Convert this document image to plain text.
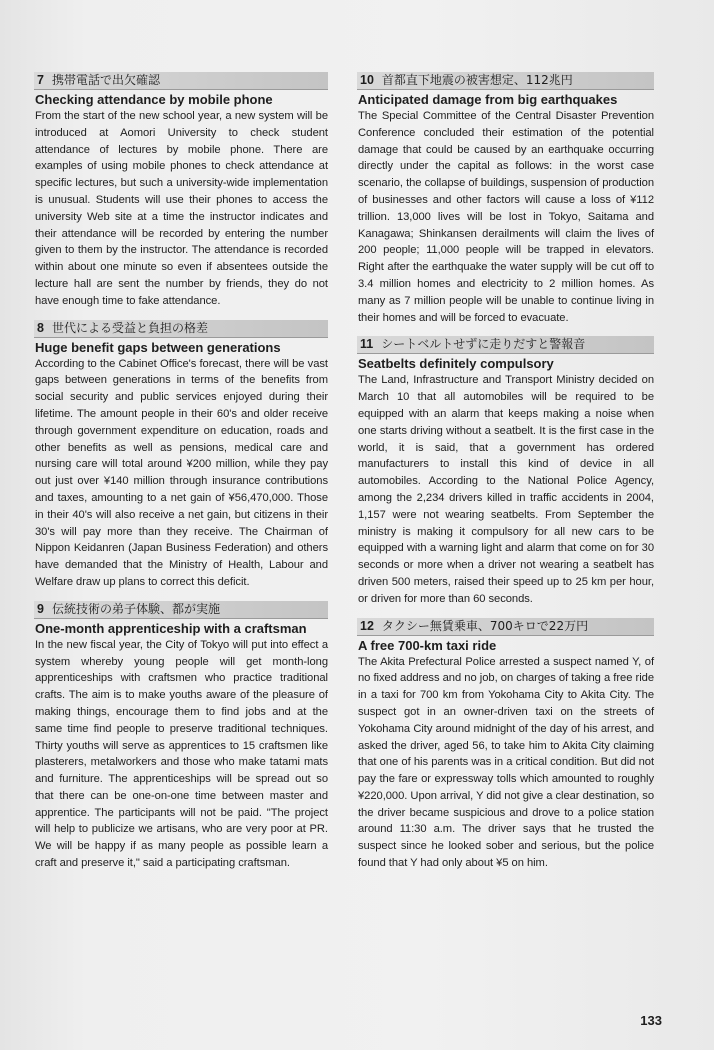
7 携帯電話で出欠確認
Checking attendance by mobile phone

From the start of the new school year, a new system will be introduced at Aomori University to check student attendance of lectures by mobile phone. There are examples of using mobile phones to check attendance at specific lectures, but such a university-wide implementation is unusual. Students will use their phones to access the university Web site at a time the instructor indicates and their attendance will be recorded by entering the number given to them by the instructor. The attendance is recorded within about one minute so even if absentees outside the lecture hall are sent the number by friends, they do not have enough time to fake attendance.

8 世代による受益と負担の格差
Huge benefit gaps between generations

According to the Cabinet Office's forecast, there will be vast gaps between generations in terms of the benefits from social security and public services enjoyed during their lifetime. The amount people in their 60's and older receive through government expenditure on education, roads and other benefits as well as pensions, medical care and nursing care will total around ¥200 million, while they pay out just over ¥140 million through insurance contributions and taxes, amounting to a net gain of ¥56,470,000. Those in their 40's will also receive a net gain, but citizens in their 30's will pay more than they receive. The Chairman of Nippon Keidanren (Japan Business Federation) and others have demanded that the Ministry of Health, Labour and Welfare draw up plans to correct this deficit.

9 伝統技術の弟子体験、都が実施
One-month apprenticeship with a craftsman

In the new fiscal year, the City of Tokyo will put into effect a system whereby young people will get month-long apprenticeships with craftsmen who practice traditional crafts. The aim is to make youths aware of the pleasure of making things, encourage them to find jobs and at the same time find people to preserve traditional techniques. Thirty youths will serve as apprentices to 15 craftsmen like plasterers, metalworkers and those who make tatami mats and furniture. The apprenticeships will be spread out so that there can be one-on-one time between master and apprentice. The participants will not be paid. "The project will help to publicize we artisans, who are very poor at PR. We will be happy if as many people as possible learn a craft and preserve it," said a participating craftsman.

10 首都直下地震の被害想定、112兆円
Anticipated damage from big earthquakes

The Special Committee of the Central Disaster Prevention Conference concluded their estimation of the potential damage that could be caused by an earthquake occurring directly under the capital as follows: in the worst case scenario, the collapse of buildings, suspension of production of businesses and other factors will cause a loss of ¥112 trillion. 13,000 lives will be lost in Tokyo, Saitama and Kanagawa; Shinkansen derailments will claim the lives of 200 people; 11,000 people will be trapped in elevators. Right after the earthquake the water supply will be cut off to 3.4 million homes and electricity to 2 million homes. As many as 7 million people will be unable to continue living in their homes and will be forced to evacuate.

11 シートベルトせずに走りだすと警報音
Seatbelts definitely compulsory

The Land, Infrastructure and Transport Ministry decided on March 10 that all automobiles will be required to be equipped with an alarm that keeps making a noise when one starts driving without a seatbelt. It is the first case in the world, it is said, that a government has ordered manufacturers to install this kind of device in all automobiles. According to the National Police Agency, among the 2,234 drivers killed in traffic accidents in 2004, 1,157 were not wearing seatbelts. From September the ministry is making it compulsory for all new cars to be equipped with a warning light and alarm that come on for 30 seconds or more when a driver not wearing a seatbelt has driven 500 meters, raised their speed up to 25 km per hour, or driven for more than 60 seconds.

12 タクシー無賃乗車、700キロで22万円
A free 700-km taxi ride

The Akita Prefectural Police arrested a suspect named Y, of no fixed address and no job, on charges of taking a free ride in a taxi for 700 km from Yokohama City to Akita City. The suspect got in an owner-driven taxi on the streets of Yokohama City around midnight of the day of his arrest, and asked the driver, aged 56, to take him to Akita City claiming that one of his parents was in a critical condition. But did not pay the fare or expressway tolls which amounted to roughly ¥220,000. Upon arrival, Y did not give a clear destination, so the driver became suspicious and drove to a police station around 11:30 a.m. The driver says that he trusted the suspect since he looked sober and serious, but the police found that Y had only about ¥5 on him.

133
